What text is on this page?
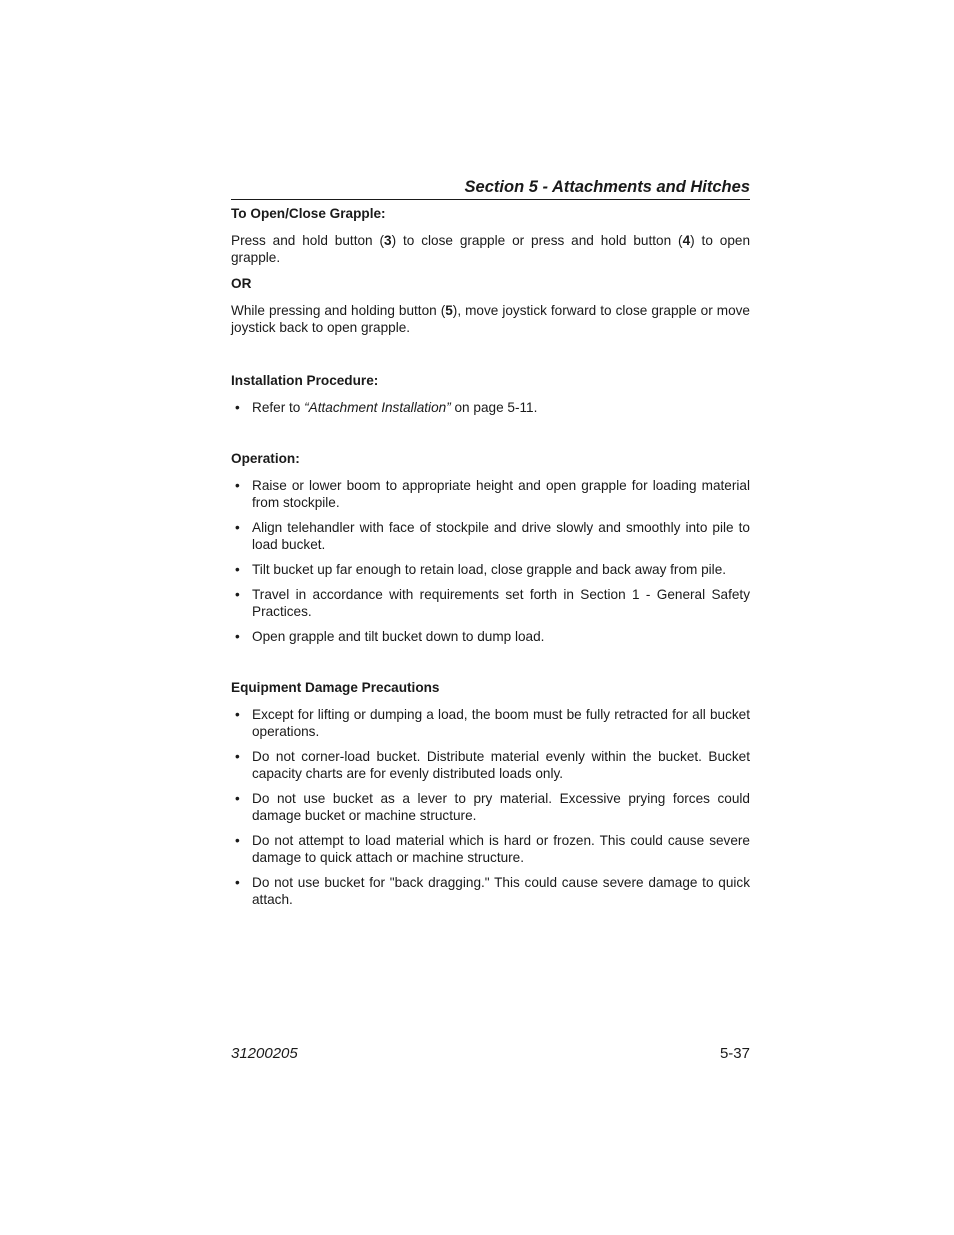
Section 5 - Attachments and Hitches

To Open/Close Grapple:

Press and hold button (3) to close grapple or press and hold button (4) to open grapple.

OR

While pressing and holding button (5), move joystick forward to close grapple or move joystick back to open grapple.

Installation Procedure:

• Refer to “Attachment Installation” on page 5-11.

Operation:

• Raise or lower boom to appropriate height and open grapple for loading material from stockpile.
• Align telehandler with face of stockpile and drive slowly and smoothly into pile to load bucket.
• Tilt bucket up far enough to retain load, close grapple and back away from pile.
• Travel in accordance with requirements set forth in Section 1 - General Safety Practices.
• Open grapple and tilt bucket down to dump load.

Equipment Damage Precautions

• Except for lifting or dumping a load, the boom must be fully retracted for all bucket operations.
• Do not corner-load bucket. Distribute material evenly within the bucket. Bucket capacity charts are for evenly distributed loads only.
• Do not use bucket as a lever to pry material. Excessive prying forces could damage bucket or machine structure.
• Do not attempt to load material which is hard or frozen. This could cause severe damage to quick attach or machine structure.
• Do not use bucket for "back dragging." This could cause severe damage to quick attach.
31200205	5-37
